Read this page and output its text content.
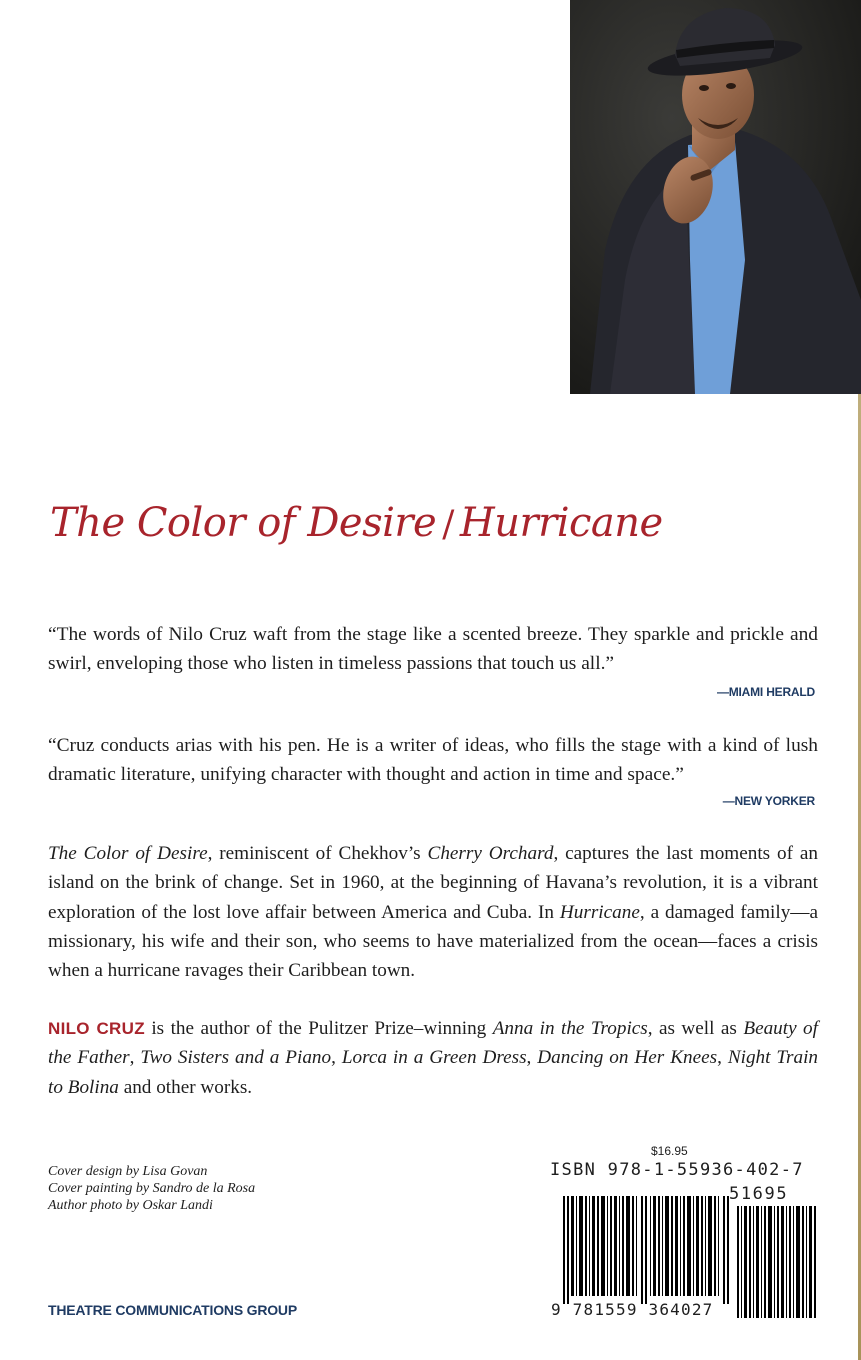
The Color of Desire / Hurricane
“The words of Nilo Cruz waft from the stage like a scented breeze. They sparkle and prickle and swirl, enveloping those who listen in timeless passions that touch us all.”
—MIAMI HERALD
“Cruz conducts arias with his pen. He is a writer of ideas, who fills the stage with a kind of lush dramatic literature, unifying character with thought and action in time and space.”
—NEW YORKER
The Color of Desire, reminiscent of Chekhov’s Cherry Orchard, captures the last moments of an island on the brink of change. Set in 1960, at the beginning of Havana’s revolution, it is a vibrant exploration of the lost love affair between America and Cuba. In Hurricane, a damaged family—a missionary, his wife and their son, who seems to have materialized from the ocean—faces a crisis when a hurricane ravages their Caribbean town.
NILO CRUZ is the author of the Pulitzer Prize–winning Anna in the Tropics, as well as Beauty of the Father, Two Sisters and a Piano, Lorca in a Green Dress, Dancing on Her Knees, Night Train to Bolina and other works.
Cover design by Lisa Govan
Cover painting by Sandro de la Rosa
Author photo by Oskar Landi
THEATRE COMMUNICATIONS GROUP
$16.95
ISBN 978-1-55936-402-7
51695
9 781559 364027
